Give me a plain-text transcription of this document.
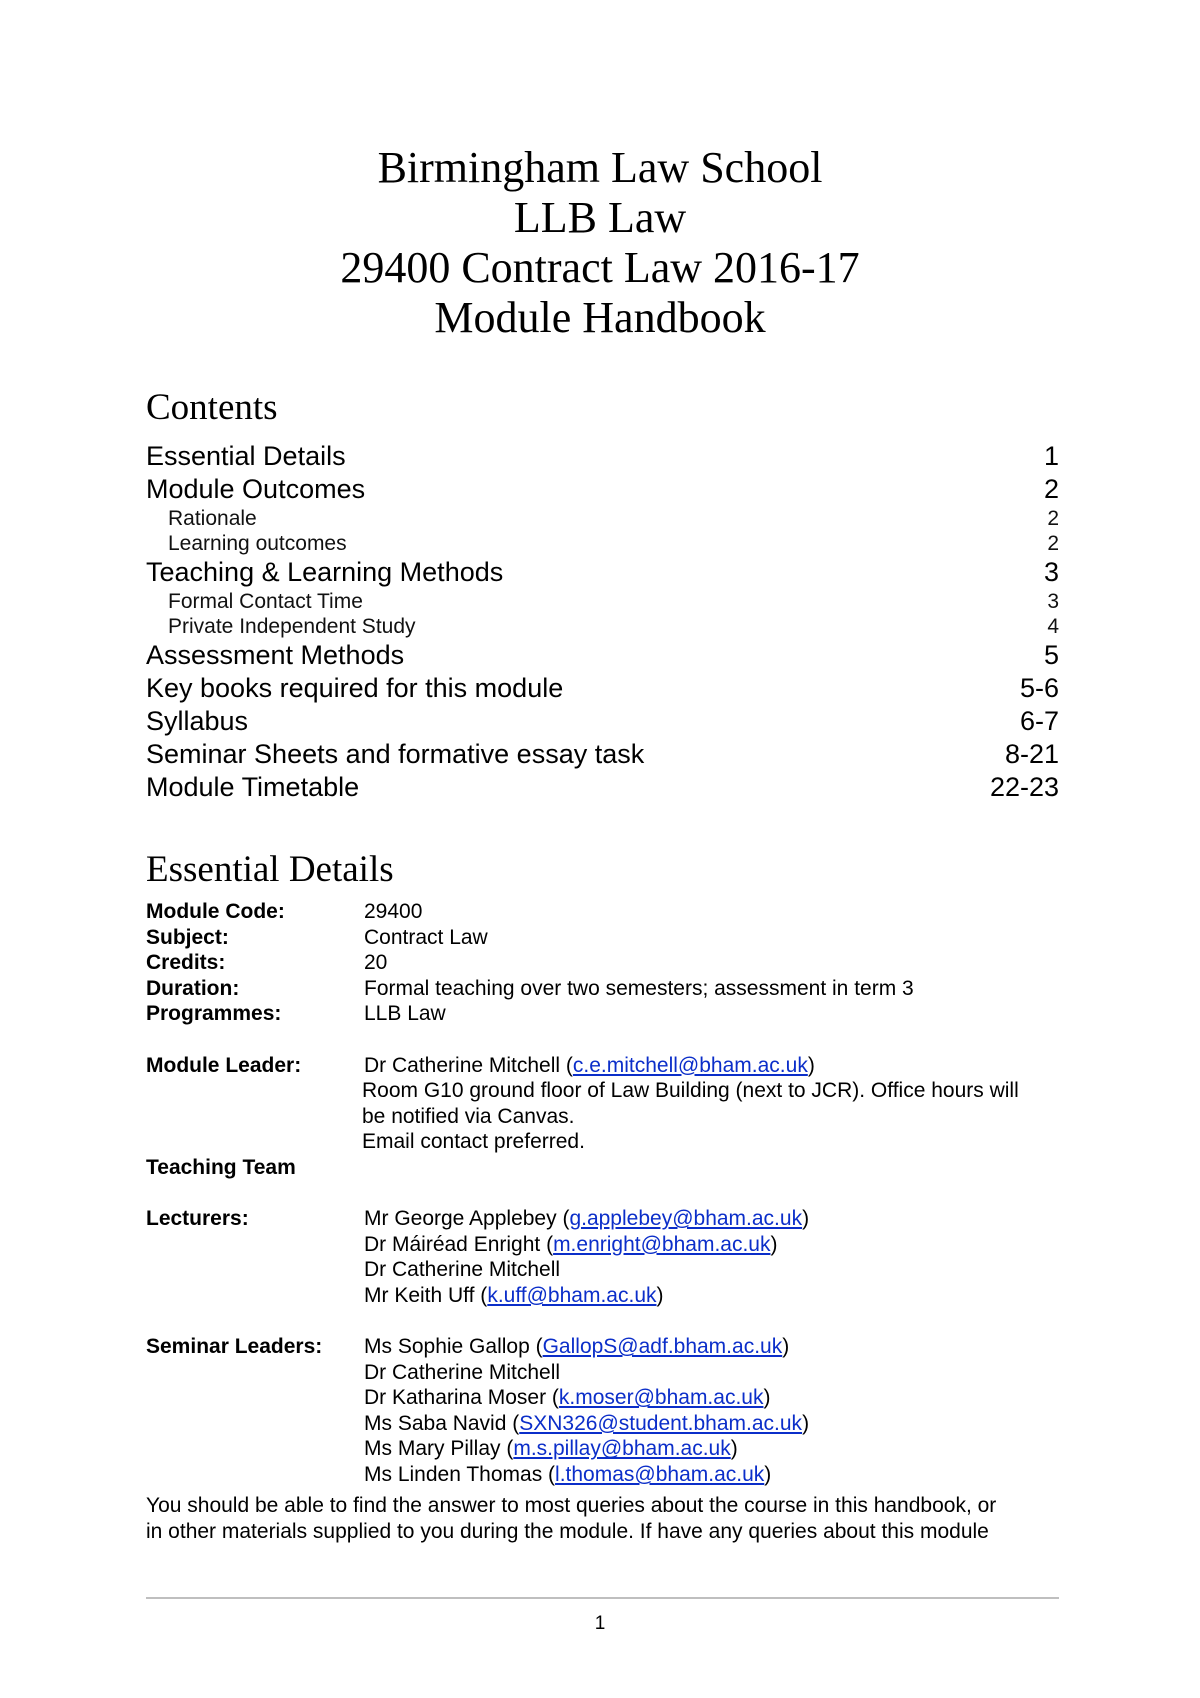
Birmingham Law School
LLB Law
29400 Contract Law 2016-17
Module Handbook
Contents
Essential Details	1
Module Outcomes	2
Rationale	2
Learning outcomes	2
Teaching & Learning Methods	3
Formal Contact Time	3
Private Independent Study	4
Assessment Methods	5
Key books required for this module	5-6
Syllabus	6-7
Seminar Sheets and formative essay task	8-21
Module Timetable	22-23
Essential Details
Module Code:	29400
Subject:	Contract Law
Credits:	20
Duration:	Formal teaching over two semesters; assessment in term 3
Programmes:	LLB Law
Module Leader:	Dr Catherine Mitchell (c.e.mitchell@bham.ac.uk)
Room G10 ground floor of Law Building (next to JCR). Office hours will
be notified via Canvas.
Email contact preferred.
Teaching Team
Lecturers:	Mr George Applebey (g.applebey@bham.ac.uk)
Dr Máiréad Enright (m.enright@bham.ac.uk)
Dr Catherine Mitchell
Mr Keith Uff (k.uff@bham.ac.uk)
Seminar Leaders:	Ms Sophie Gallop (GallopS@adf.bham.ac.uk)
Dr Catherine Mitchell
Dr Katharina Moser (k.moser@bham.ac.uk)
Ms Saba Navid (SXN326@student.bham.ac.uk)
Ms Mary Pillay (m.s.pillay@bham.ac.uk)
Ms Linden Thomas (l.thomas@bham.ac.uk)
You should be able to find the answer to most queries about the course in this handbook, or
in other materials supplied to you during the module. If have any queries about this module
1
